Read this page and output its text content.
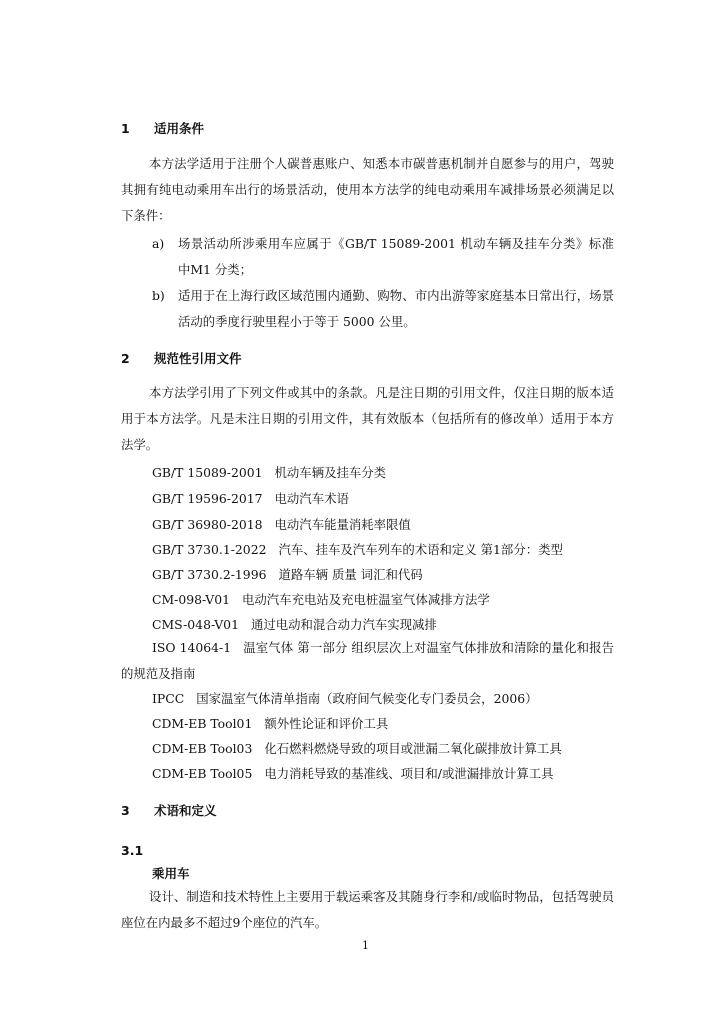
1 适用条件

本方法学适用于注册个人碳普惠账户、知悉本市碳普惠机制并自愿参与的用户，驾驶其拥有纯电动乘用车出行的场景活动，使用本方法学的纯电动乘用车减排场景必须满足以下条件：

a)	场景活动所涉乘用车应属于《GB/T 15089-2001 机动车辆及挂车分类》标准中M1 分类；
b)	适用于在上海行政区域范围内通勤、购物、市内出游等家庭基本日常出行，场景活动的季度行驶里程小于等于 5000 公里。
2 规范性引用文件

本方法学引用了下列文件或其中的条款。凡是注日期的引用文件，仅注日期的版本适用于本方法学。凡是未注日期的引用文件，其有效版本（包括所有的修改单）适用于本方法学。

GB/T 15089-2001 机动车辆及挂车分类
GB/T 19596-2017 电动汽车术语
GB/T 36980-2018 电动汽车能量消耗率限值
GB/T 3730.1-2022 汽车、挂车及汽车列车的术语和定义 第1部分：类型
GB/T 3730.2-1996 道路车辆 质量 词汇和代码
CM-098-V01 电动汽车充电站及充电桩温室气体减排方法学
CMS-048-V01 通过电动和混合动力汽车实现减排

ISO 14064-1 温室气体 第一部分 组织层次上对温室气体排放和清除的量化和报告的规范及指南

IPCC 国家温室气体清单指南（政府间气候变化专门委员会，2006）
CDM-EB Tool01 额外性论证和评价工具
CDM-EB Tool03 化石燃料燃烧导致的项目或泄漏二氧化碳排放计算工具
CDM-EB Tool05 电力消耗导致的基准线、项目和/或泄漏排放计算工具
3 术语和定义
3.1
乘用车

设计、制造和技术特性上主要用于载运乘客及其随身行李和/或临时物品，包括驾驶员座位在内最多不超过9个座位的汽车。

1
